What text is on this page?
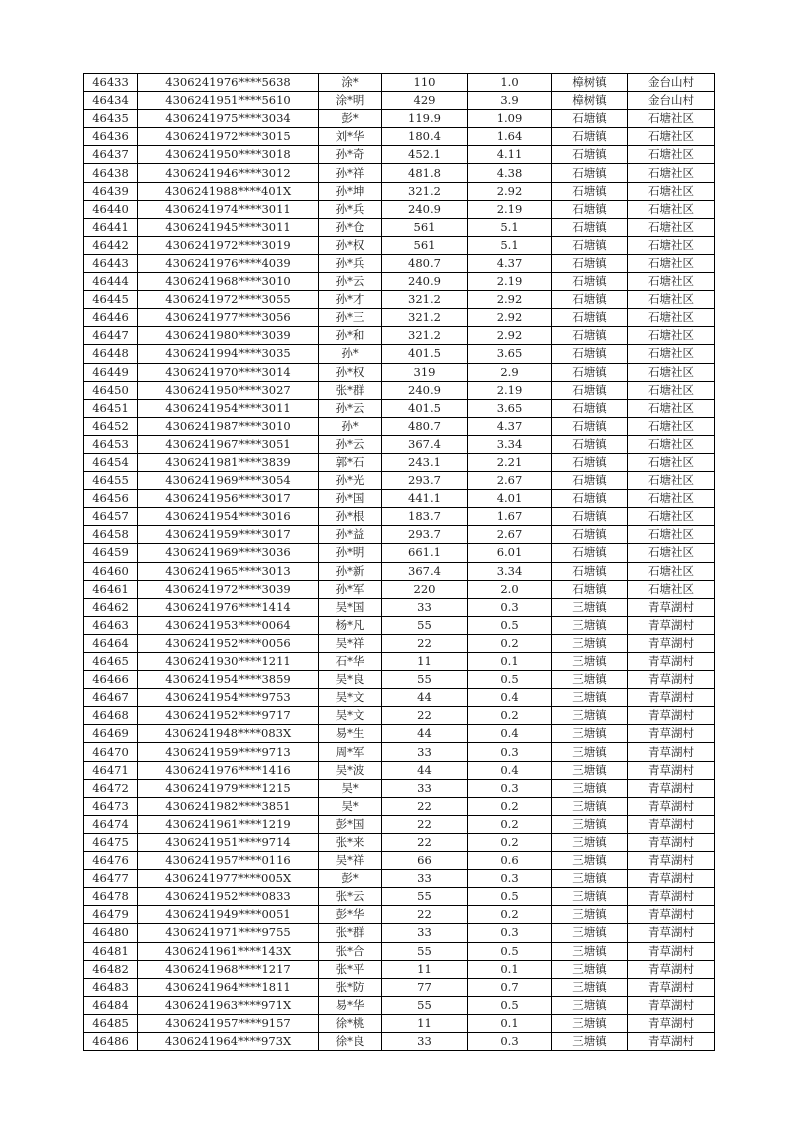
46433	4306241976****5638	涂*	110	1.0	樟树镇	金台山村
46434	4306241951****5610	涂*明	429	3.9	樟树镇	金台山村
46435	4306241975****3034	彭*	119.9	1.09	石塘镇	石塘社区
46436	4306241972****3015	刘*华	180.4	1.64	石塘镇	石塘社区
46437	4306241950****3018	孙*奇	452.1	4.11	石塘镇	石塘社区
46438	4306241946****3012	孙*祥	481.8	4.38	石塘镇	石塘社区
46439	4306241988****401X	孙*坤	321.2	2.92	石塘镇	石塘社区
46440	4306241974****3011	孙*兵	240.9	2.19	石塘镇	石塘社区
46441	4306241945****3011	孙*仓	561	5.1	石塘镇	石塘社区
46442	4306241972****3019	孙*权	561	5.1	石塘镇	石塘社区
46443	4306241976****4039	孙*兵	480.7	4.37	石塘镇	石塘社区
46444	4306241968****3010	孙*云	240.9	2.19	石塘镇	石塘社区
46445	4306241972****3055	孙*才	321.2	2.92	石塘镇	石塘社区
46446	4306241977****3056	孙*三	321.2	2.92	石塘镇	石塘社区
46447	4306241980****3039	孙*和	321.2	2.92	石塘镇	石塘社区
46448	4306241994****3035	孙*	401.5	3.65	石塘镇	石塘社区
46449	4306241970****3014	孙*权	319	2.9	石塘镇	石塘社区
46450	4306241950****3027	张*群	240.9	2.19	石塘镇	石塘社区
46451	4306241954****3011	孙*云	401.5	3.65	石塘镇	石塘社区
46452	4306241987****3010	孙*	480.7	4.37	石塘镇	石塘社区
46453	4306241967****3051	孙*云	367.4	3.34	石塘镇	石塘社区
46454	4306241981****3839	郭*石	243.1	2.21	石塘镇	石塘社区
46455	4306241969****3054	孙*光	293.7	2.67	石塘镇	石塘社区
46456	4306241956****3017	孙*国	441.1	4.01	石塘镇	石塘社区
46457	4306241954****3016	孙*根	183.7	1.67	石塘镇	石塘社区
46458	4306241959****3017	孙*益	293.7	2.67	石塘镇	石塘社区
46459	4306241969****3036	孙*明	661.1	6.01	石塘镇	石塘社区
46460	4306241965****3013	孙*新	367.4	3.34	石塘镇	石塘社区
46461	4306241972****3039	孙*军	220	2.0	石塘镇	石塘社区
46462	4306241976****1414	吴*国	33	0.3	三塘镇	青草湖村
46463	4306241953****0064	杨*凡	55	0.5	三塘镇	青草湖村
46464	4306241952****0056	吴*祥	22	0.2	三塘镇	青草湖村
46465	4306241930****1211	石*华	11	0.1	三塘镇	青草湖村
46466	4306241954****3859	吴*良	55	0.5	三塘镇	青草湖村
46467	4306241954****9753	吴*文	44	0.4	三塘镇	青草湖村
46468	4306241952****9717	吴*文	22	0.2	三塘镇	青草湖村
46469	4306241948****083X	易*生	44	0.4	三塘镇	青草湖村
46470	4306241959****9713	周*军	33	0.3	三塘镇	青草湖村
46471	4306241976****1416	吴*波	44	0.4	三塘镇	青草湖村
46472	4306241979****1215	吴*	33	0.3	三塘镇	青草湖村
46473	4306241982****3851	吴*	22	0.2	三塘镇	青草湖村
46474	4306241961****1219	彭*国	22	0.2	三塘镇	青草湖村
46475	4306241951****9714	张*来	22	0.2	三塘镇	青草湖村
46476	4306241957****0116	吴*祥	66	0.6	三塘镇	青草湖村
46477	4306241977****005X	彭*	33	0.3	三塘镇	青草湖村
46478	4306241952****0833	张*云	55	0.5	三塘镇	青草湖村
46479	4306241949****0051	彭*华	22	0.2	三塘镇	青草湖村
46480	4306241971****9755	张*群	33	0.3	三塘镇	青草湖村
46481	4306241961****143X	张*合	55	0.5	三塘镇	青草湖村
46482	4306241968****1217	张*平	11	0.1	三塘镇	青草湖村
46483	4306241964****1811	张*防	77	0.7	三塘镇	青草湖村
46484	4306241963****971X	易*华	55	0.5	三塘镇	青草湖村
46485	4306241957****9157	徐*桃	11	0.1	三塘镇	青草湖村
46486	4306241964****973X	徐*良	33	0.3	三塘镇	青草湖村
